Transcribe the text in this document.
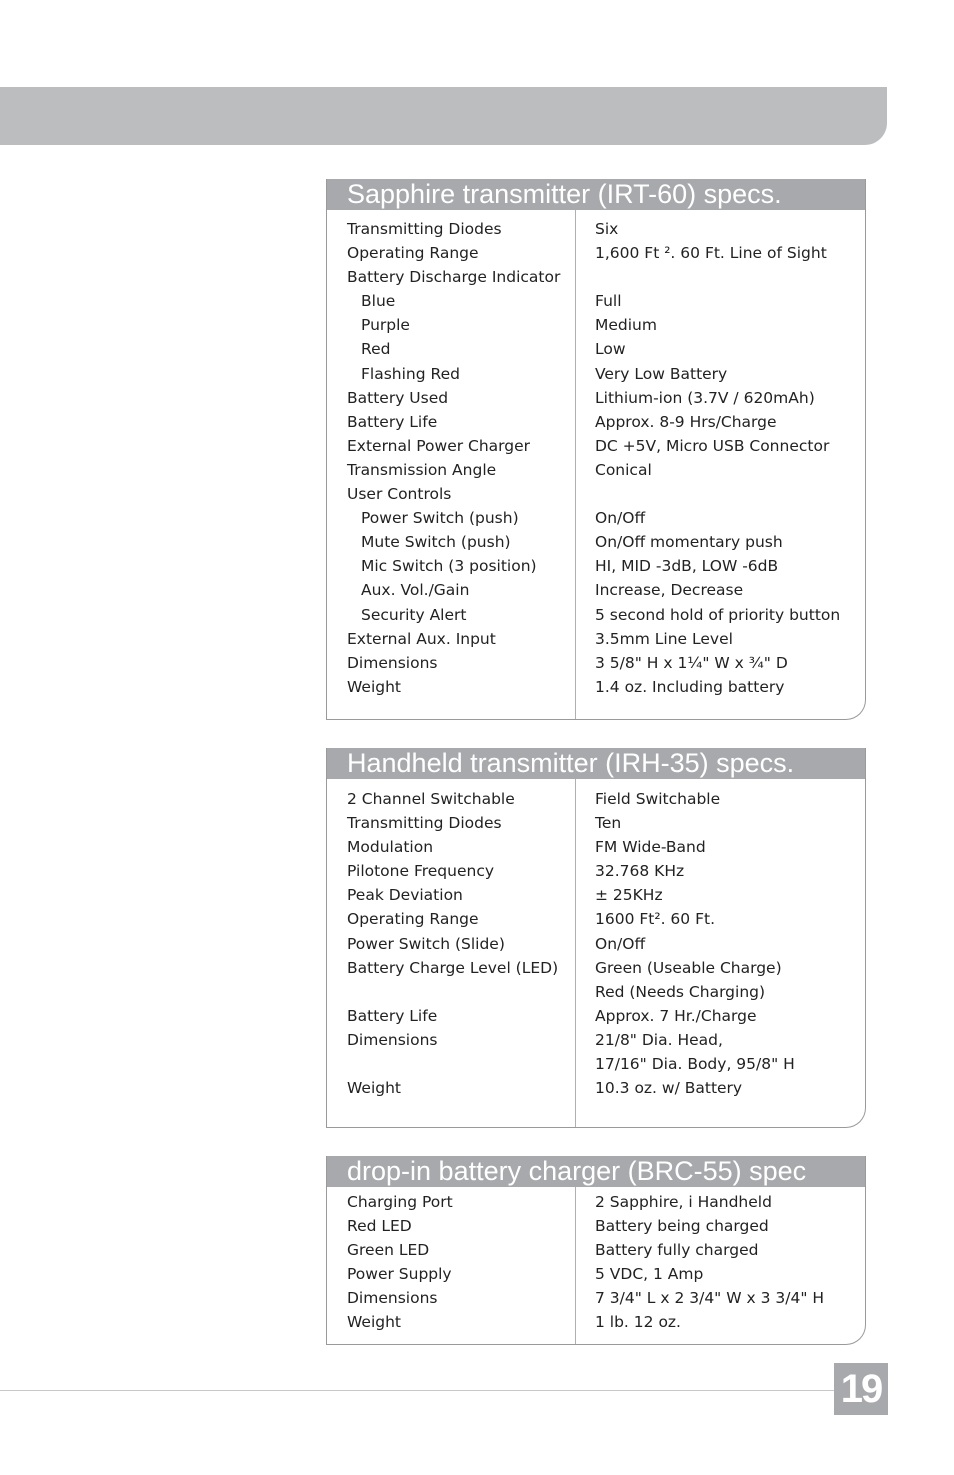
Sapphire transmitter (IRT-60) specs.
Transmitting Diodes	Six
Operating Range	1,600 Ft ². 60 Ft. Line of Sight
Battery Discharge Indicator
Blue	Full
Purple	Medium
Red	Low
Flashing Red	Very Low Battery
Battery Used	Lithium-ion (3.7V / 620mAh)
Battery Life	Approx. 8-9 Hrs/Charge
External Power Charger	DC +5V, Micro USB Connector
Transmission Angle	Conical
User Controls
Power Switch (push)	On/Off
Mute Switch (push)	On/Off momentary push
Mic Switch (3 position)	HI, MID -3dB, LOW -6dB
Aux. Vol./Gain	Increase, Decrease
Security Alert	5 second hold of priority button
External Aux. Input	3.5mm Line Level
Dimensions	3 5/8" H x 1¼" W x ¾" D
Weight	1.4 oz. Including battery
Handheld transmitter (IRH-35) specs.
2 Channel Switchable	Field Switchable
Transmitting Diodes	Ten
Modulation	FM Wide-Band
Pilotone Frequency	32.768 KHz
Peak Deviation	± 25KHz
Operating Range	1600 Ft². 60 Ft.
Power Switch (Slide)	On/Off
Battery Charge Level (LED)	Green (Useable Charge)
Red (Needs Charging)
Battery Life	Approx. 7 Hr./Charge
Dimensions	21/8" Dia. Head,
17/16" Dia. Body, 95/8" H
Weight	10.3 oz. w/ Battery
drop-in battery charger (BRC-55) spec
Charging Port	2 Sapphire, i Handheld
Red LED	Battery being charged
Green LED	Battery fully charged
Power Supply	5 VDC, 1 Amp
Dimensions	7 3/4" L x 2 3/4" W x 3 3/4" H
Weight	1 lb. 12 oz.
19
